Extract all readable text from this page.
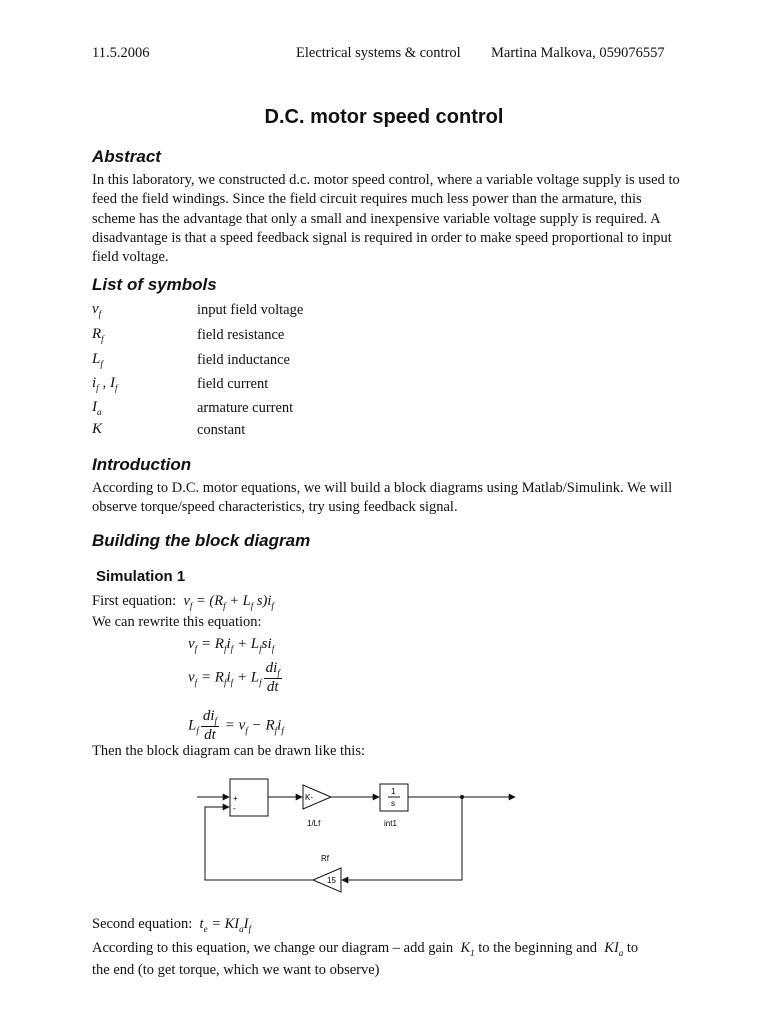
11.5.2006	Electrical systems & control Martina Malkova, 059076557
D.C. motor speed control
Abstract

In this laboratory, we constructed d.c. motor speed control, where a variable voltage supply is used to feed the field windings. Since the field circuit requires much less power than the armature, this scheme has the advantage that only a small and inexpensive variable voltage supply is required. A disadvantage is that a speed feedback signal is required in order to make speed proportional to input field voltage.

List of symbols
$v_f$	input field voltage
$R_f$	field resistance
$L_f$	field inductance
$i_f$ , $I_f$	field current
$I_a$	armature current
K	constant
Introduction

According to D.C. motor equations, we will build a block diagrams using Matlab/Simulink. We will observe torque/speed characteristics, try using feedback signal.

Building the block diagram
Simulation 1
First equation:  $v_f = (R_f + L_f$ $s)i_f$
We can rewrite this equation:
$v_f = R_fi_f + L_fsi_f$
$v_f = R_fi_f + L_f \frac{di_f}{dt}$
$L_f \frac{di_f}{dt} = v_f - R_fi_f$
Then the block diagram can be drawn like this:
+
-
K-
1/Lf
1
s
int1
Rf
15
Second equation:  $t_e = KI_aI_f$
According to this equation, we change our diagram – add gain  $K_1$ to the beginning and  $KI_a$ to
the end (to get torque, which we want to observe)
